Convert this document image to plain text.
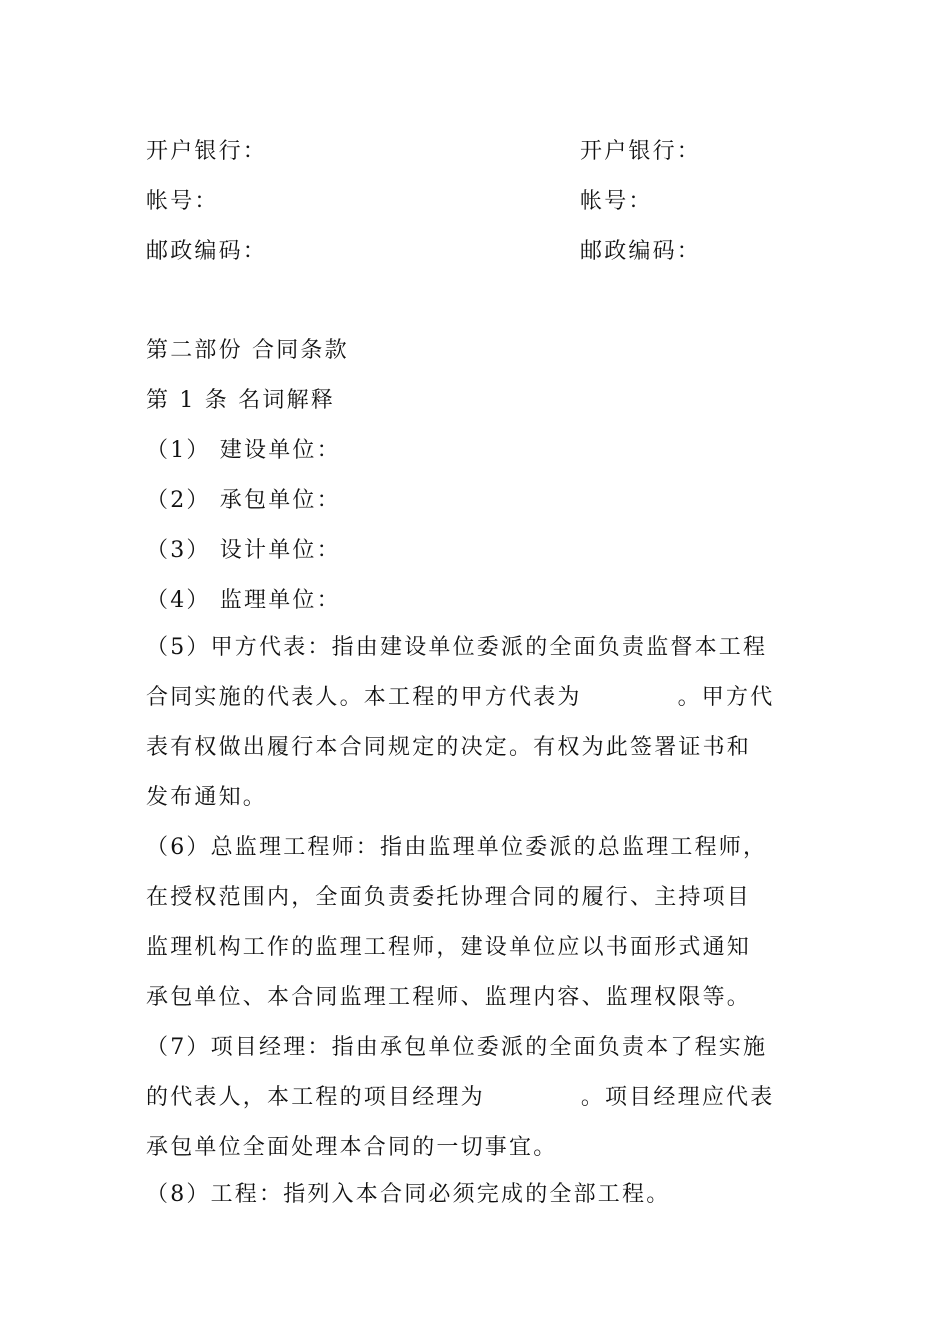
开户银行：
帐号：
邮政编码：
开户银行：
帐号：
邮政编码：
第二部份 合同条款
第 1 条 名词解释
（1） 建设单位：
（2） 承包单位：
（3） 设计单位：
（4） 监理单位：
（5）甲方代表：指由建设单位委派的全面负责监督本工程
合同实施的代表人。本工程的甲方代表为	。甲方代
表有权做出履行本合同规定的决定。有权为此签署证书和
发布通知。
（6）总监理工程师：指由监理单位委派的总监理工程师，
在授权范围内，全面负责委托协理合同的履行、主持项目
监理机构工作的监理工程师，建设单位应以书面形式通知
承包单位、本合同监理工程师、监理内容、监理权限等。
（7）项目经理：指由承包单位委派的全面负责本了程实施
的代表人，本工程的项目经理为	。项目经理应代表
承包单位全面处理本合同的一切事宜。
（8）工程：指列入本合同必须完成的全部工程。
